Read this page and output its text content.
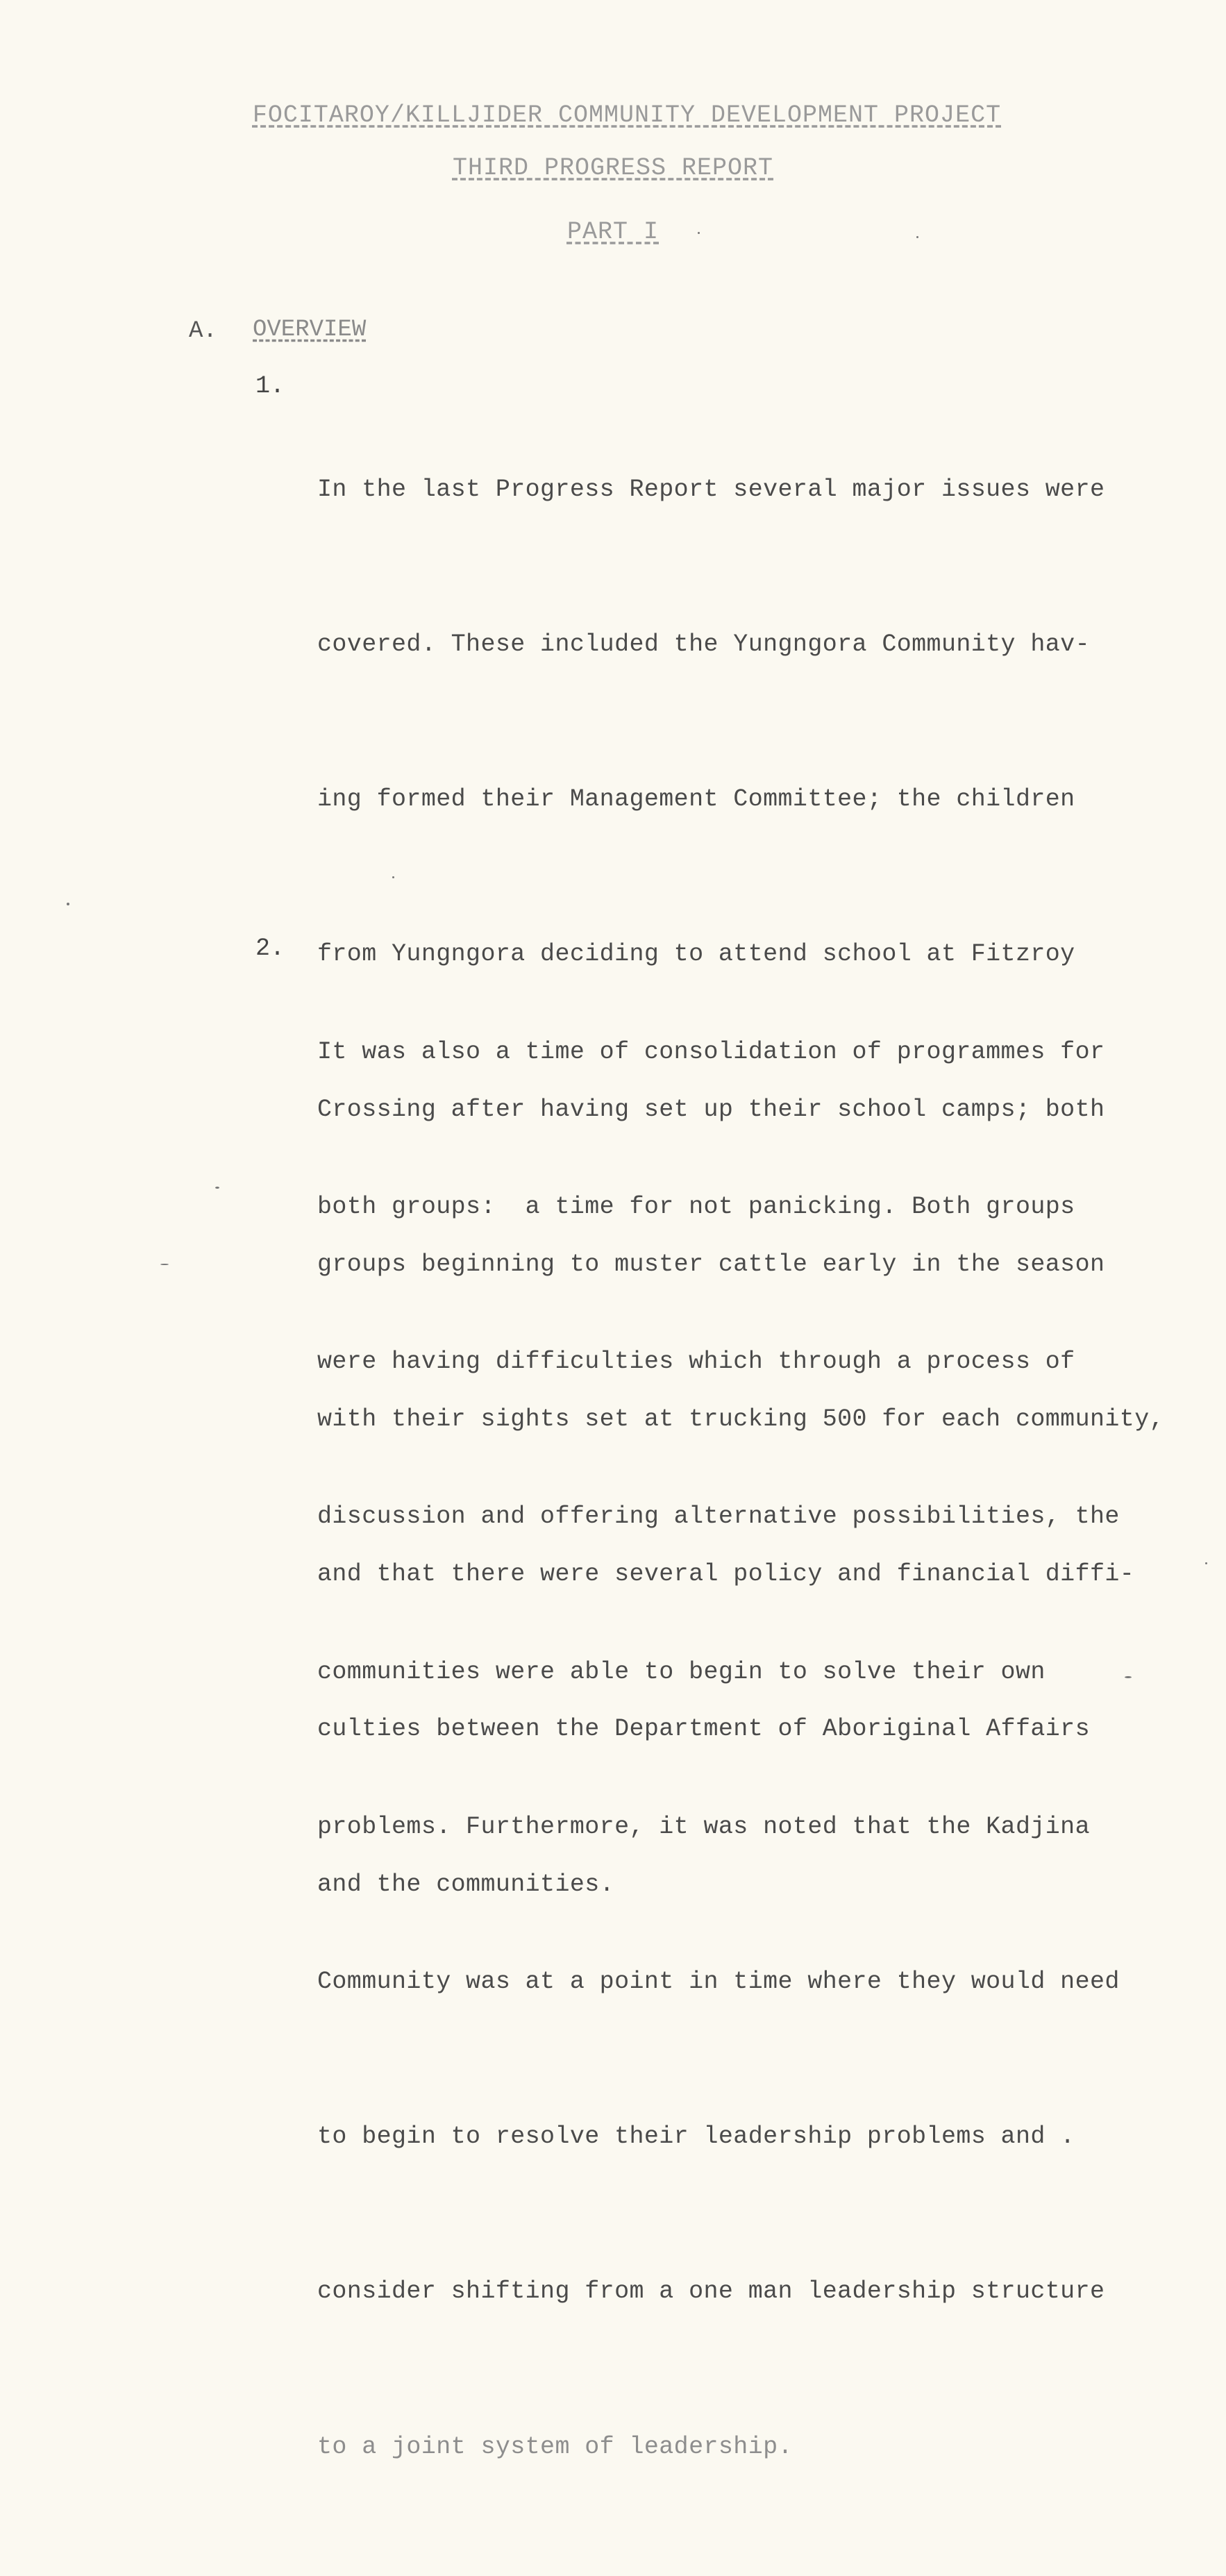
FOCITAROY/KILLJIDER COMMUNITY DEVELOPMENT PROJECT
THIRD PROGRESS REPORT
PART I
A. OVERVIEW
1.

In the last Progress Report several major issues were

covered. These included the Yungngora Community hav-

ing formed their Management Committee; the children

from Yungngora deciding to attend school at Fitzroy

Crossing after having set up their school camps; both

groups beginning to muster cattle early in the season

with their sights set at trucking 500 for each community,

and that there were several policy and financial diffi-

culties between the Department of Aboriginal Affairs

and the communities.

2.

It was also a time of consolidation of programmes for

both groups:  a time for not panicking. Both groups

were having difficulties which through a process of

discussion and offering alternative possibilities, the

communities were able to begin to solve their own

problems. Furthermore, it was noted that the Kadjina

Community was at a point in time where they would need

to begin to resolve their leadership problems and .

consider shifting from a one man leadership structure

to a joint system of leadership.
